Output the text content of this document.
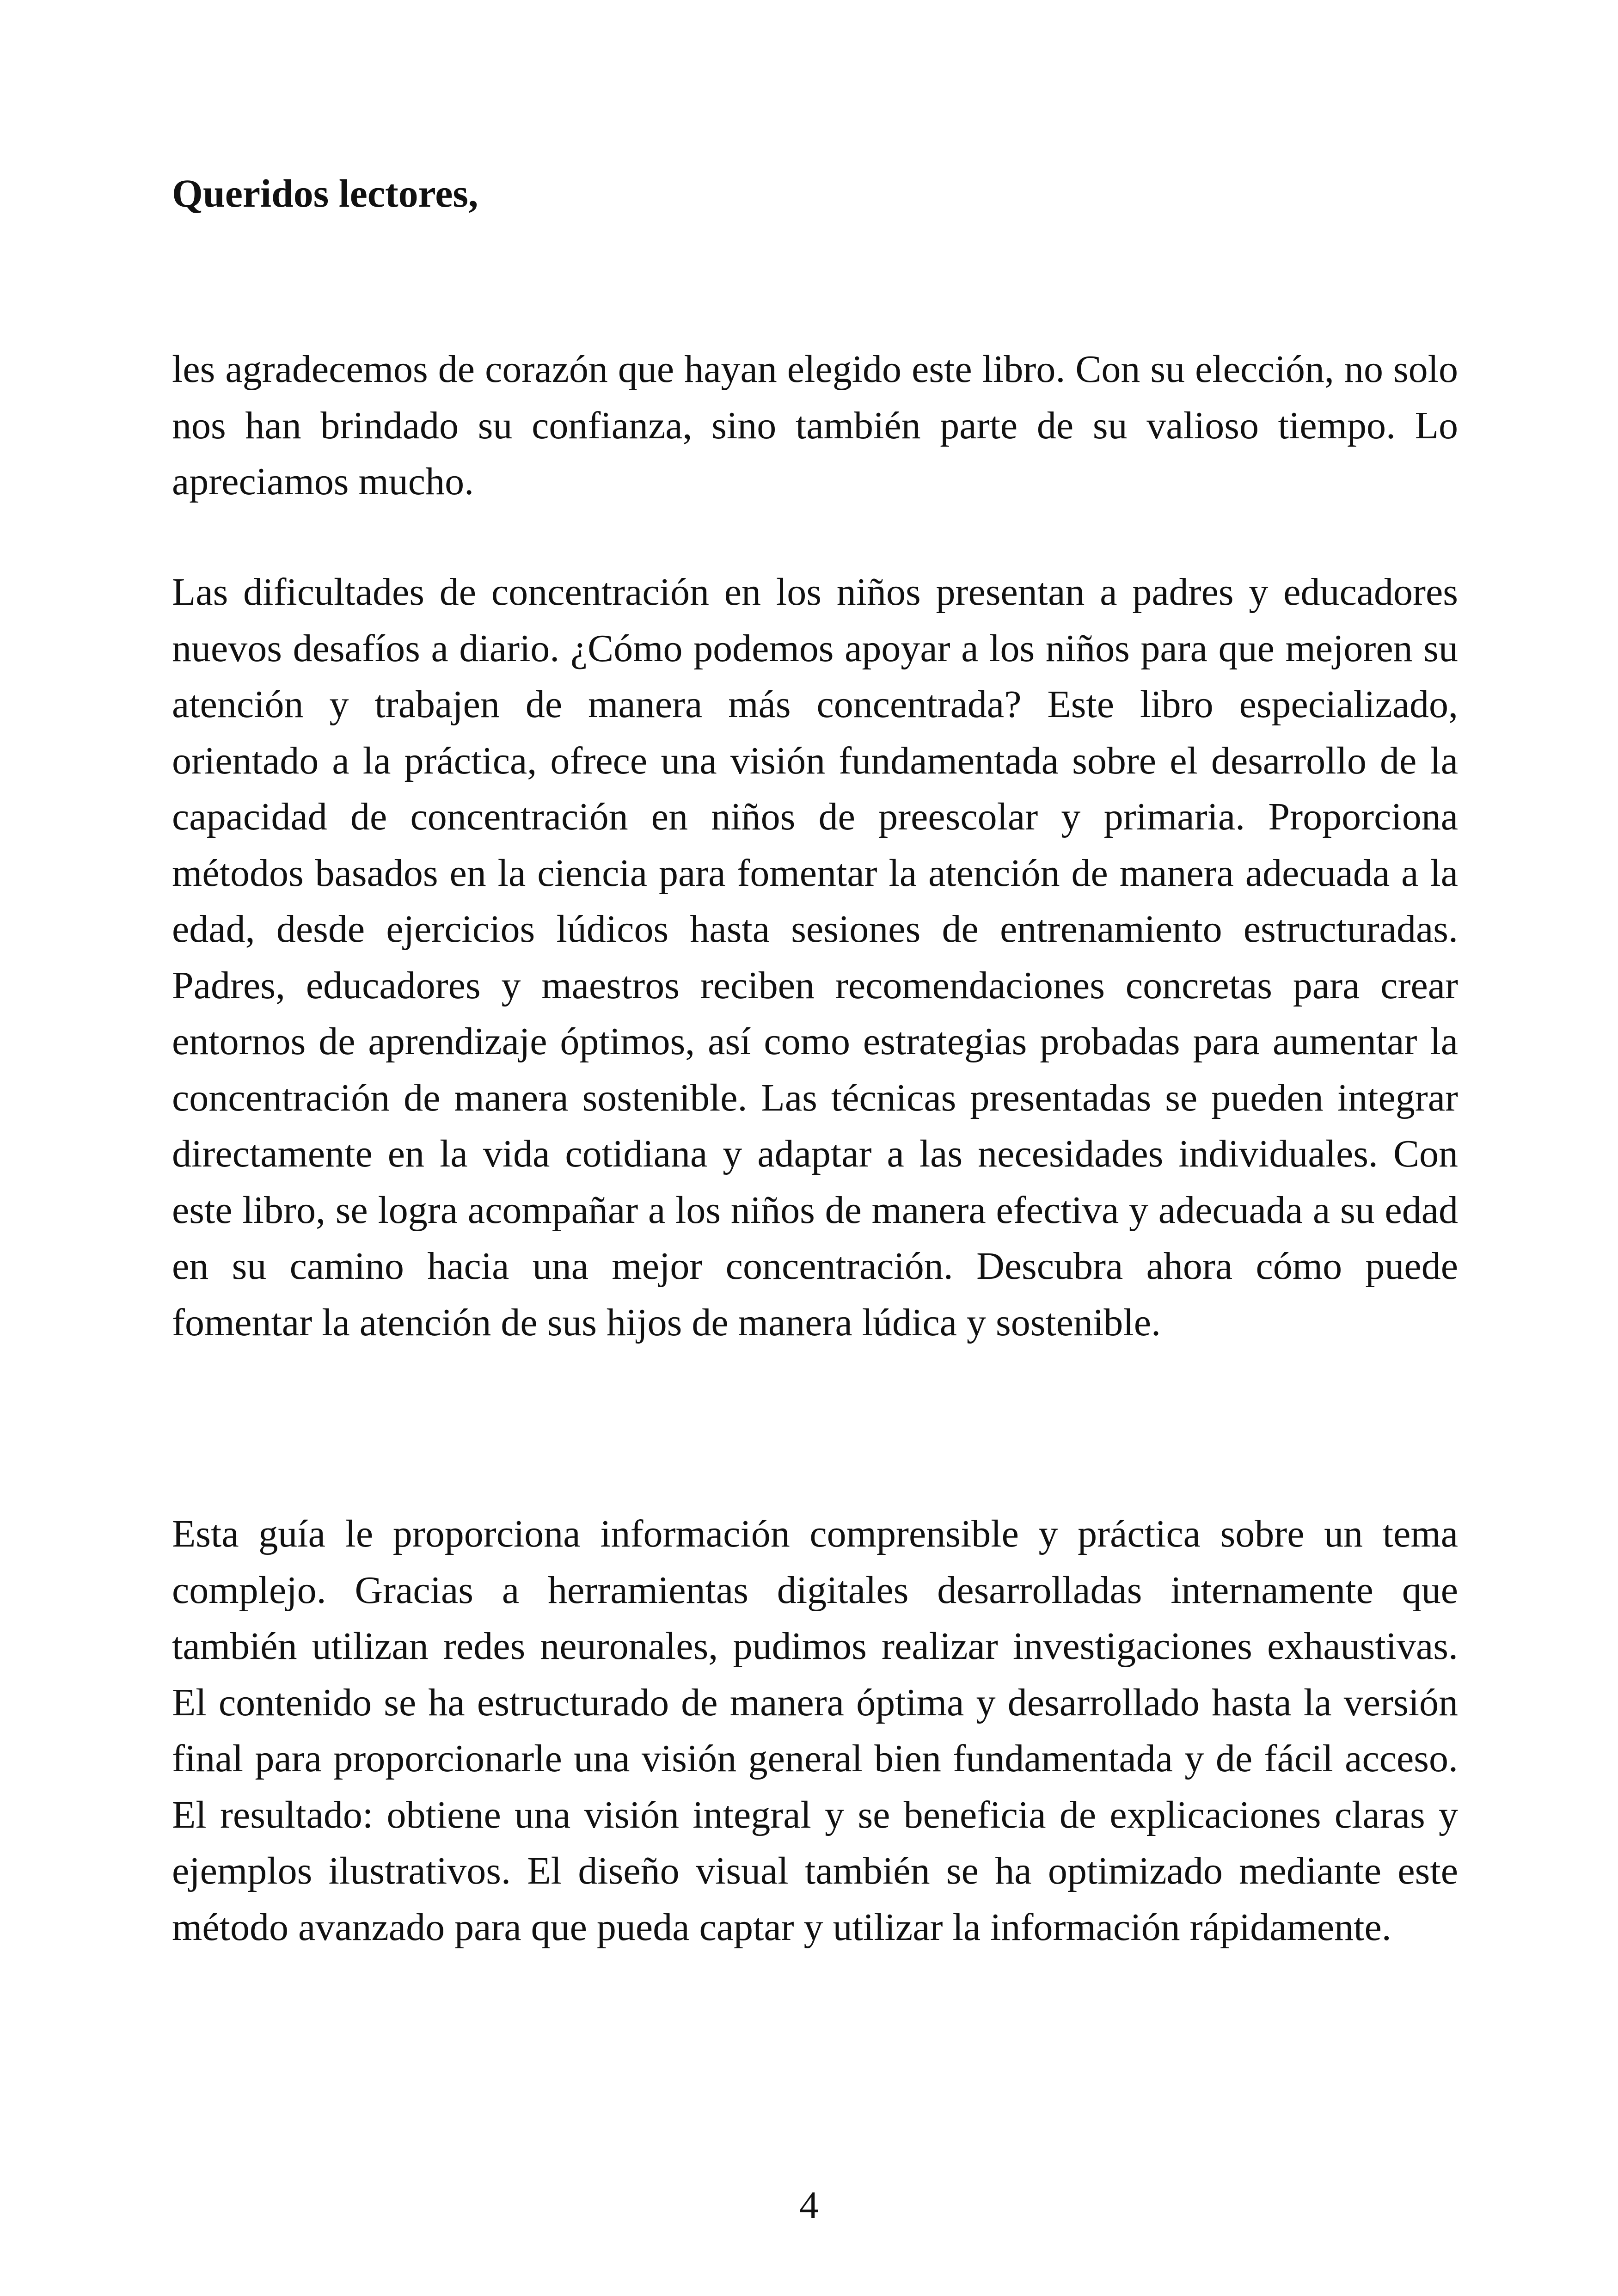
Queridos lectores,

les agradecemos de corazón que hayan elegido este libro. Con su elección, no solo nos han brindado su confianza, sino también parte de su valioso tiempo. Lo apreciamos mucho.

Las dificultades de concentración en los niños presentan a padres y educadores nuevos desafíos a diario. ¿Cómo podemos apoyar a los niños para que mejoren su atención y trabajen de manera más concentrada? Este libro especializado, orientado a la práctica, ofrece una visión fundamentada sobre el desarrollo de la capacidad de concentración en niños de preescolar y primaria. Proporciona métodos basados en la ciencia para fomentar la atención de manera adecuada a la edad, desde ejercicios lúdicos hasta sesiones de entrenamiento estructuradas. Padres, educadores y maestros reciben recomendaciones concretas para crear entornos de aprendizaje óptimos, así como estrategias probadas para aumentar la concentración de manera sostenible. Las técnicas presentadas se pueden integrar directamente en la vida cotidiana y adaptar a las necesidades individuales. Con este libro, se logra acompañar a los niños de manera efectiva y adecuada a su edad en su camino hacia una mejor concentración. Descubra ahora cómo puede fomentar la atención de sus hijos de manera lúdica y sostenible.

Esta guía le proporciona información comprensible y práctica sobre un tema complejo. Gracias a herramientas digitales desarrolladas internamente que también utilizan redes neuronales, pudimos realizar investigaciones exhaustivas. El contenido se ha estructurado de manera óptima y desarrollado hasta la versión final para proporcionarle una visión general bien fundamentada y de fácil acceso. El resultado: obtiene una visión integral y se beneficia de explicaciones claras y ejemplos ilustrativos. El diseño visual también se ha optimizado mediante este método avanzado para que pueda captar y utilizar la información rápidamente.

4
